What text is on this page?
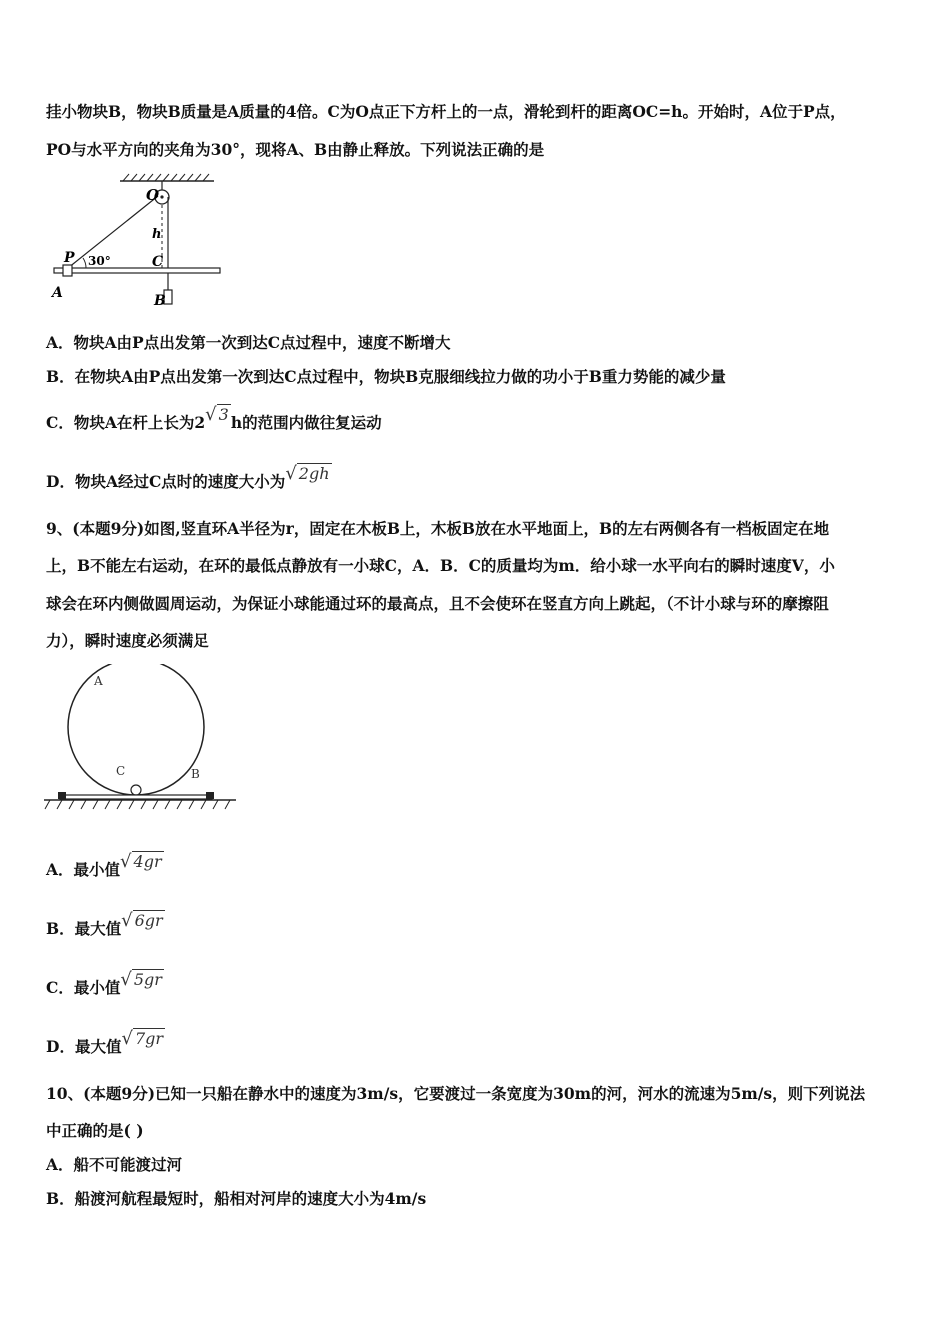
挂小物块B，物块B质量是A质量的4倍。C为O点正下方杆上的一点，滑轮到杆的距离OC=h。开始时，A位于P点，
PO与水平方向的夹角为30°，现将A、B由静止释放。下列说法正确的是
O
h
P 30°	C
A	B
A．物块A由P点出发第一次到达C点过程中，速度不断增大
B．在物块A由P点出发第一次到达C点过程中，物块B克服细线拉力做的功小于B重力势能的减少量
C．物块A在杆上长为2√ 3 h的范围内做往复运动
D．物块A经过C点时的速度大小为√ 2gh
9、(本题9分)如图,竖直环A半径为r，固定在木板B上，木板B放在水平地面上，B的左右两侧各有一档板固定在地
上，B不能左右运动，在环的最低点静放有一小球C，A．B．C的质量均为m．给小球一水平向右的瞬时速度V，小
球会在环内侧做圆周运动，为保证小球能通过环的最高点，且不会使环在竖直方向上跳起，（不计小球与环的摩擦阻
力），瞬时速度必须满足
A
C	B
A．最小值√ 4gr
B．最大值√ 6gr
C．最小值√ 5gr
D．最大值√ 7gr
10、(本题9分)已知一只船在静水中的速度为3m/s，它要渡过一条宽度为30m的河，河水的流速为5m/s，则下列说法
中正确的是( )
A．船不可能渡过河
B．船渡河航程最短时，船相对河岸的速度大小为4m/s
